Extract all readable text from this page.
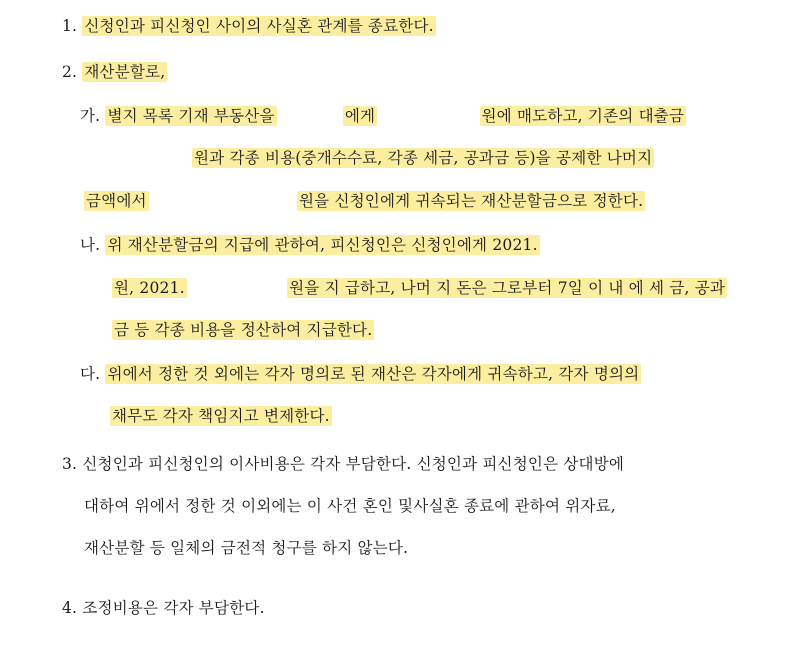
1. 신청인과 피신청인 사이의 사실혼 관계를 종료한다.
2. 재산분할로,
가. 별지 목록 기재 부동산을	에게	원에 매도하고, 기존의 대출금
원과 각종 비용(중개수수료, 각종 세금, 공과금 등)을 공제한 나머지
금액에서	원을 신청인에게 귀속되는 재산분할금으로 정한다.
나. 위 재산분할금의 지급에 관하여, 피신청인은 신청인에게 2021.
원, 2021.	원을 지 급하고, 나머 지 돈은 그로부터 7일 이 내 에 세 금, 공과
금 등 각종 비용을 정산하여 지급한다.
다. 위에서 정한 것 외에는 각자 명의로 된 재산은 각자에게 귀속하고, 각자 명의의
채무도 각자 책임지고 변제한다.
3. 신청인과 피신청인의 이사비용은 각자 부담한다. 신청인과 피신청인은 상대방에
대하여 위에서 정한 것 이외에는 이 사건 혼인 및사실혼 종료에 관하여 위자료,
재산분할 등 일체의 금전적 청구를 하지 않는다.
4. 조정비용은 각자 부담한다.
